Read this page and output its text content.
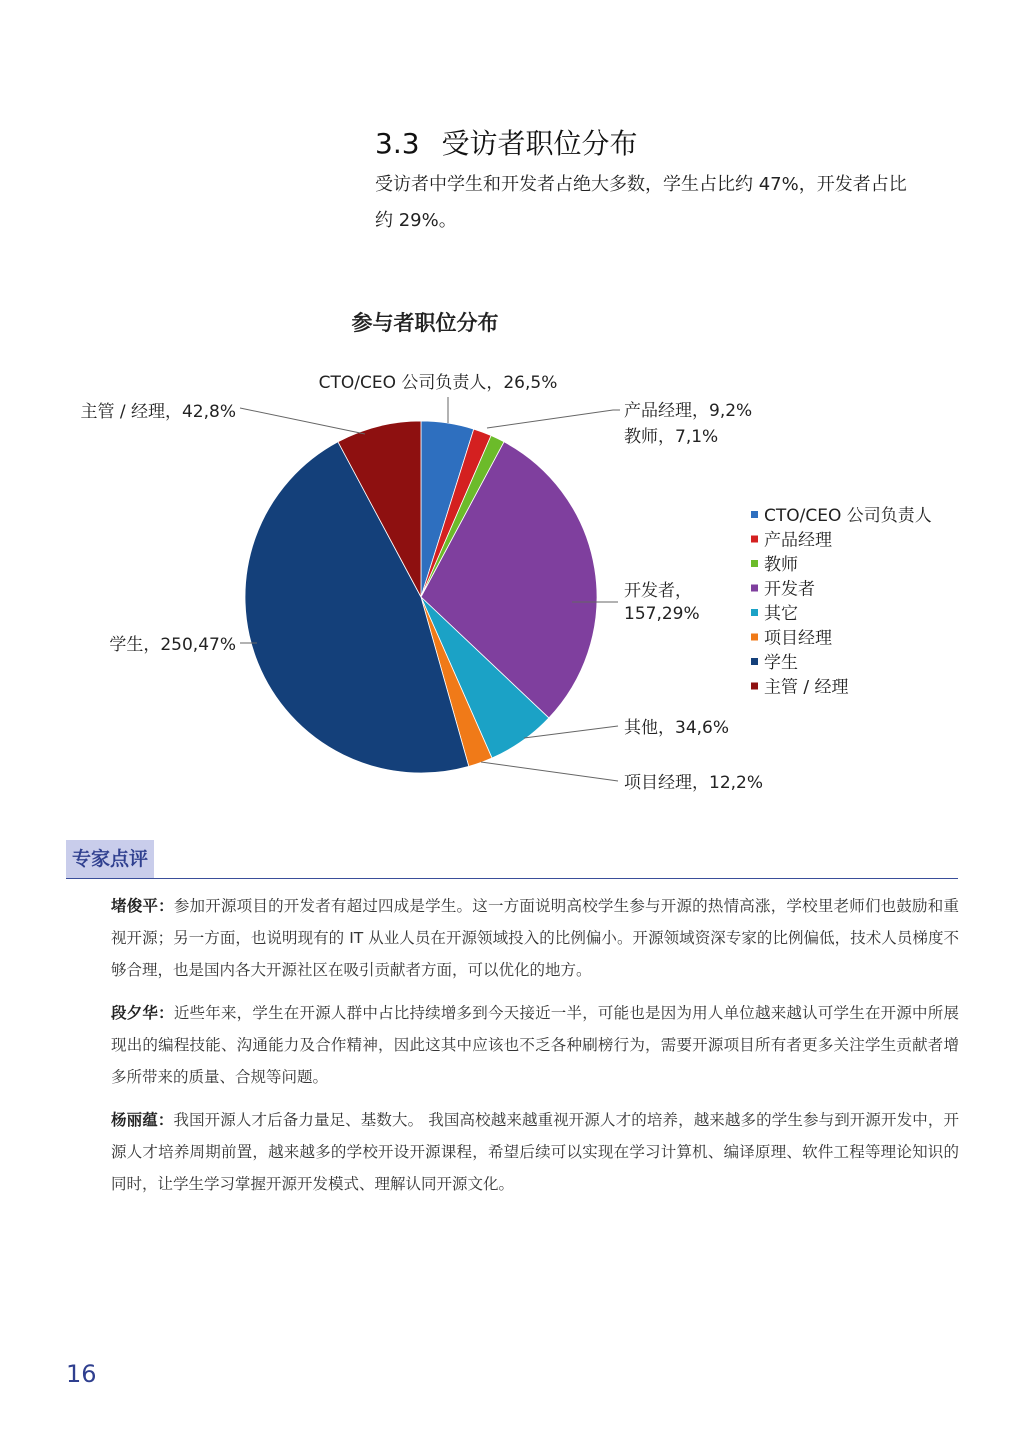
3.3 受访者职位分布

受访者中学生和开发者占绝大多数，学生占比约 47%，开发者占比

约 29%。

参与者职位分布
CTO/CEO 公司负责人，26,5%
产品经理，9,2%
教师，7,1%
开发者，
157,29%
其他，34,6%
项目经理，12,2%
学生，250,47%
主管 / 经理，42,8%
CTO/CEO 公司负责人
产品经理
教师
开发者
其它
项目经理
学生
主管 / 经理
专家点评

堵俊平：参加开源项目的开发者有超过四成是学生。这一方面说明高校学生参与开源的热情高涨，学校里老师们也鼓励和重视开源；另一方面，也说明现有的 IT 从业人员在开源领域投入的比例偏小。开源领域资深专家的比例偏低，技术人员梯度不够合理，也是国内各大开源社区在吸引贡献者方面，可以优化的地方。

段夕华：近些年来，学生在开源人群中占比持续增多到今天接近一半，可能也是因为用人单位越来越认可学生在开源中所展现出的编程技能、沟通能力及合作精神，因此这其中应该也不乏各种刷榜行为，需要开源项目所有者更多关注学生贡献者增多所带来的质量、合规等问题。

杨丽蕴：我国开源人才后备力量足、基数大。 我国高校越来越重视开源人才的培养，越来越多的学生参与到开源开发中，开源人才培养周期前置，越来越多的学校开设开源课程，希望后续可以实现在学习计算机、编译原理、软件工程等理论知识的同时，让学生学习掌握开源开发模式、理解认同开源文化。

16
